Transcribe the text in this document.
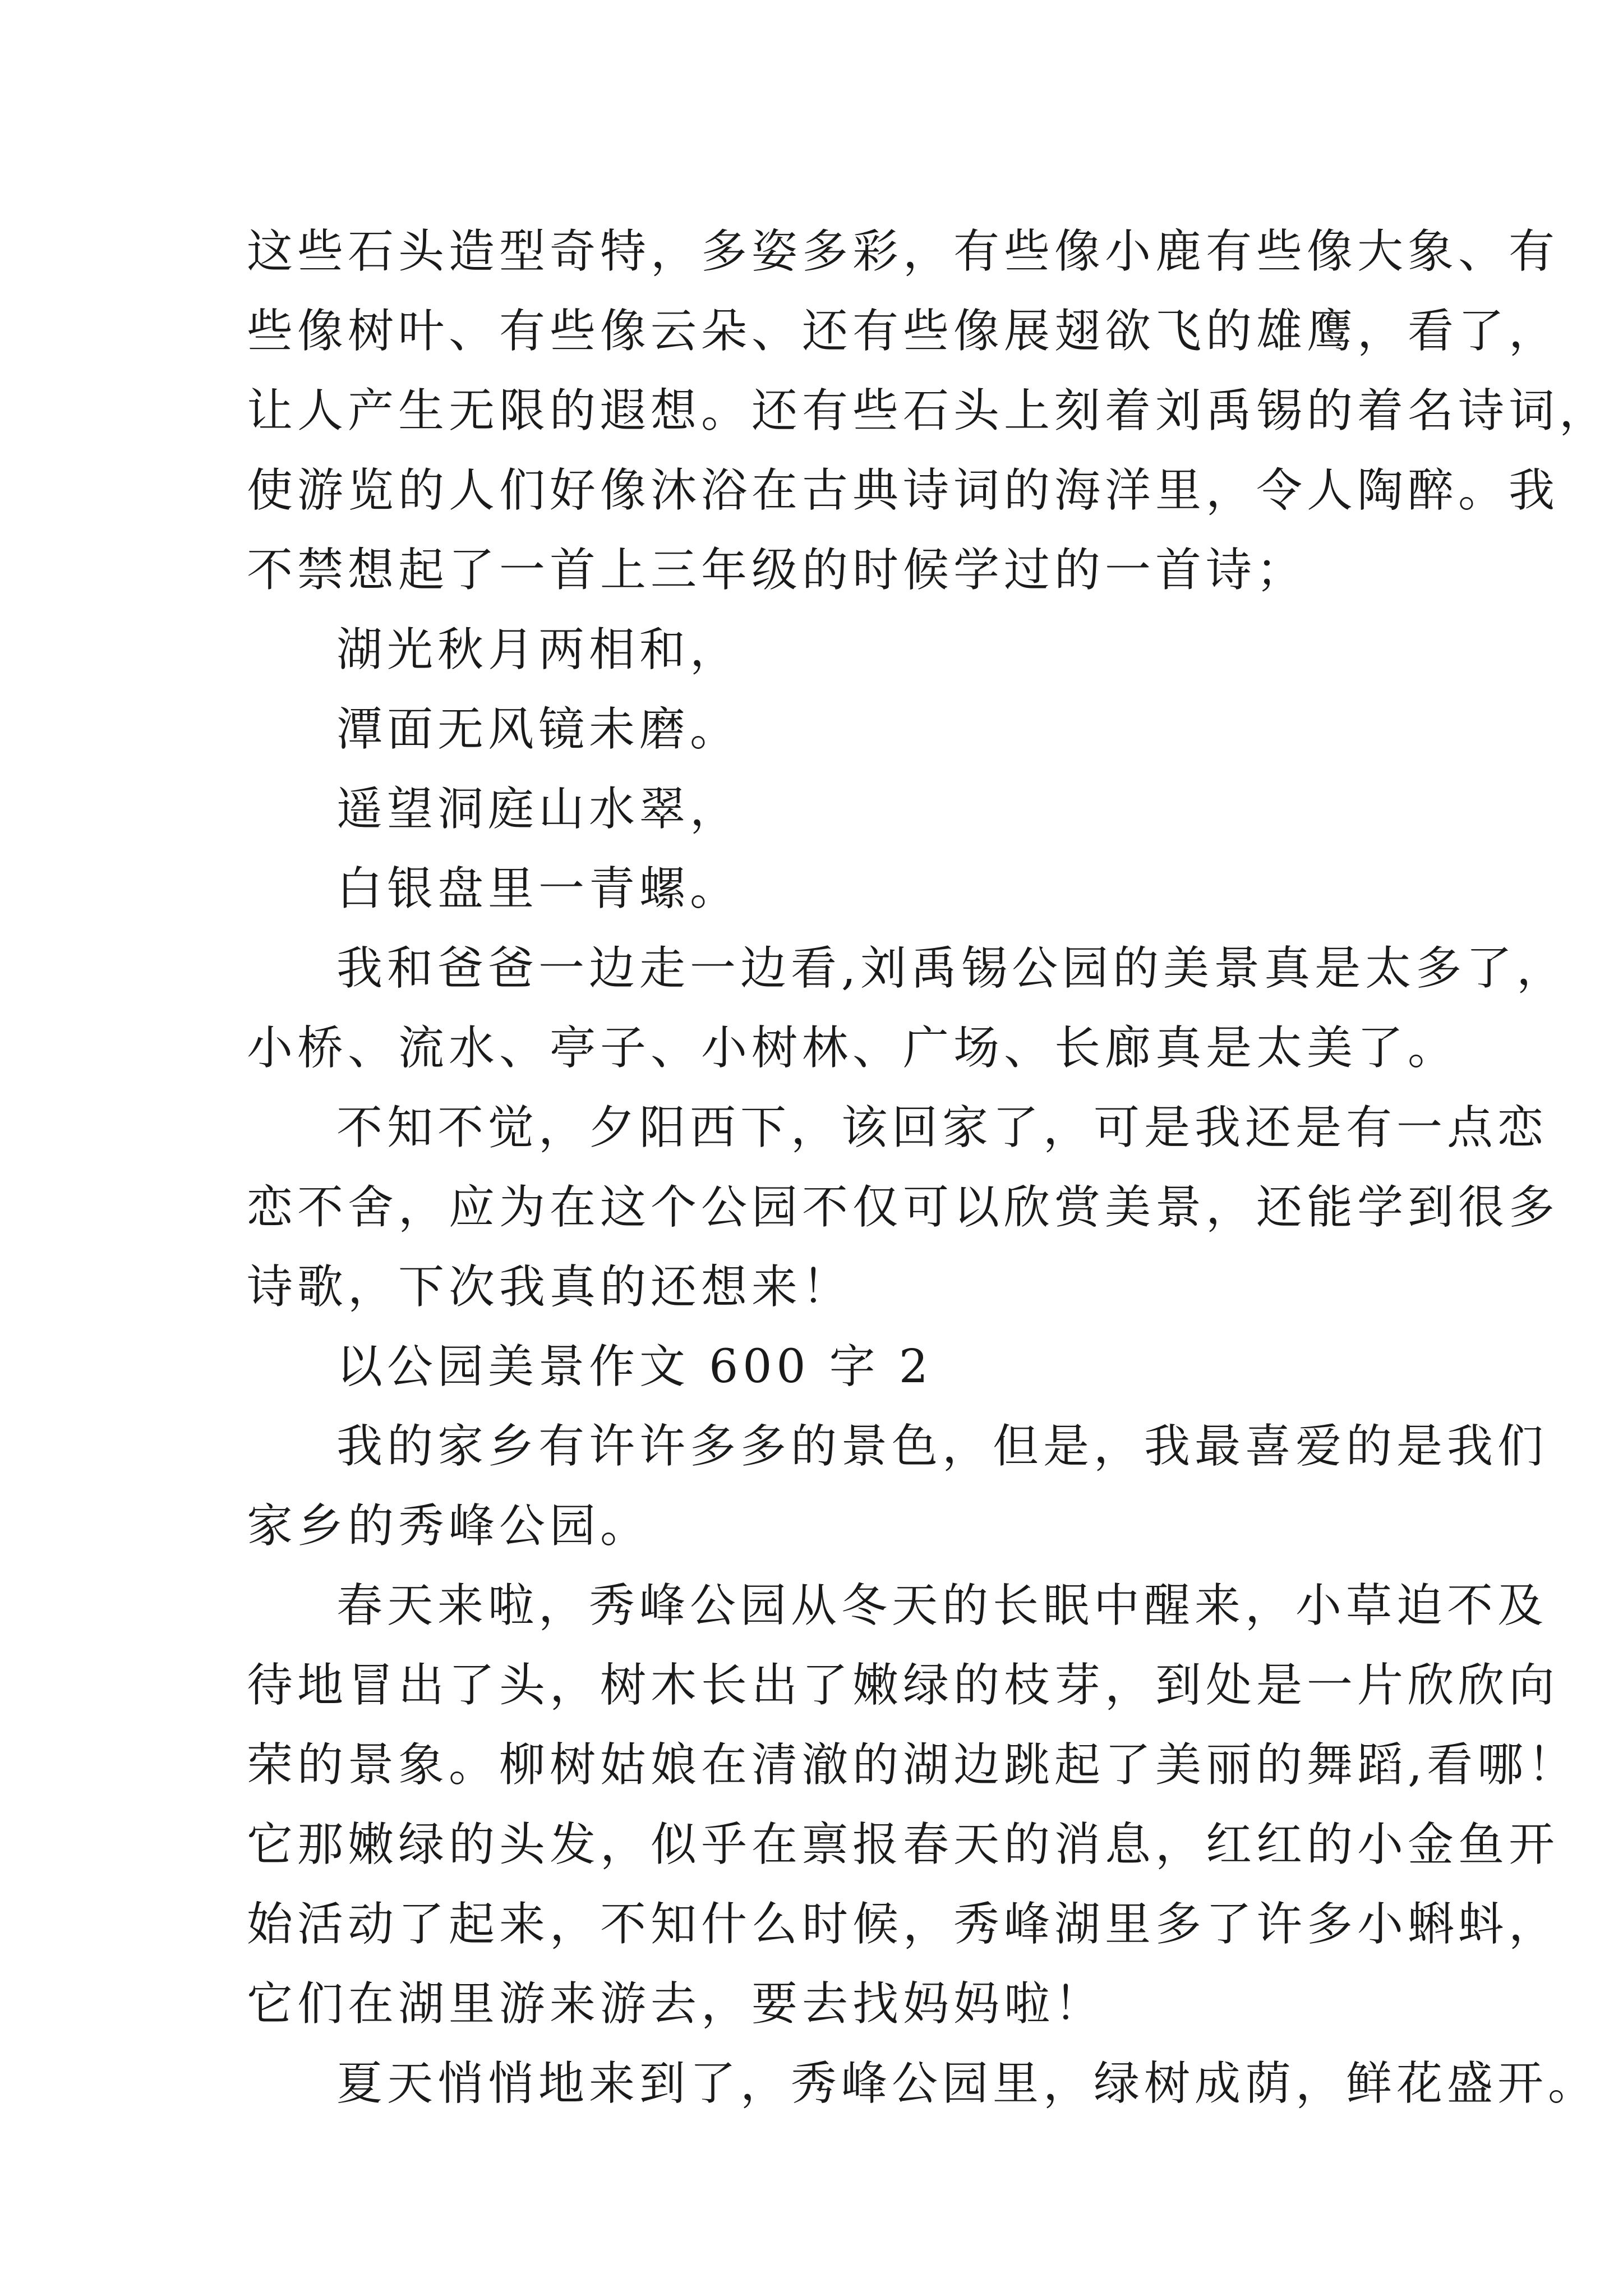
这些石头造型奇特，多姿多彩，有些像小鹿有些像大象、有
些像树叶、有些像云朵、还有些像展翅欲飞的雄鹰，看了，
让人产生无限的遐想。还有些石头上刻着刘禹锡的着名诗词，
使游览的人们好像沐浴在古典诗词的海洋里，令人陶醉。我
不禁想起了一首上三年级的时候学过的一首诗；
湖光秋月两相和，
潭面无风镜未磨。
遥望洞庭山水翠，
白银盘里一青螺。
我和爸爸一边走一边看,刘禹锡公园的美景真是太多了，
小桥、流水、亭子、小树林、广场、长廊真是太美了。
不知不觉，夕阳西下，该回家了，可是我还是有一点恋
恋不舍，应为在这个公园不仅可以欣赏美景，还能学到很多
诗歌，下次我真的还想来！
以公园美景作文 600 字 2
我的家乡有许许多多的景色，但是，我最喜爱的是我们
家乡的秀峰公园。
春天来啦，秀峰公园从冬天的长眠中醒来，小草迫不及
待地冒出了头，树木长出了嫩绿的枝芽，到处是一片欣欣向
荣的景象。柳树姑娘在清澈的湖边跳起了美丽的舞蹈,看哪！
它那嫩绿的头发，似乎在禀报春天的消息，红红的小金鱼开
始活动了起来，不知什么时候，秀峰湖里多了许多小蝌蚪，
它们在湖里游来游去，要去找妈妈啦！
夏天悄悄地来到了，秀峰公园里，绿树成荫，鲜花盛开。
